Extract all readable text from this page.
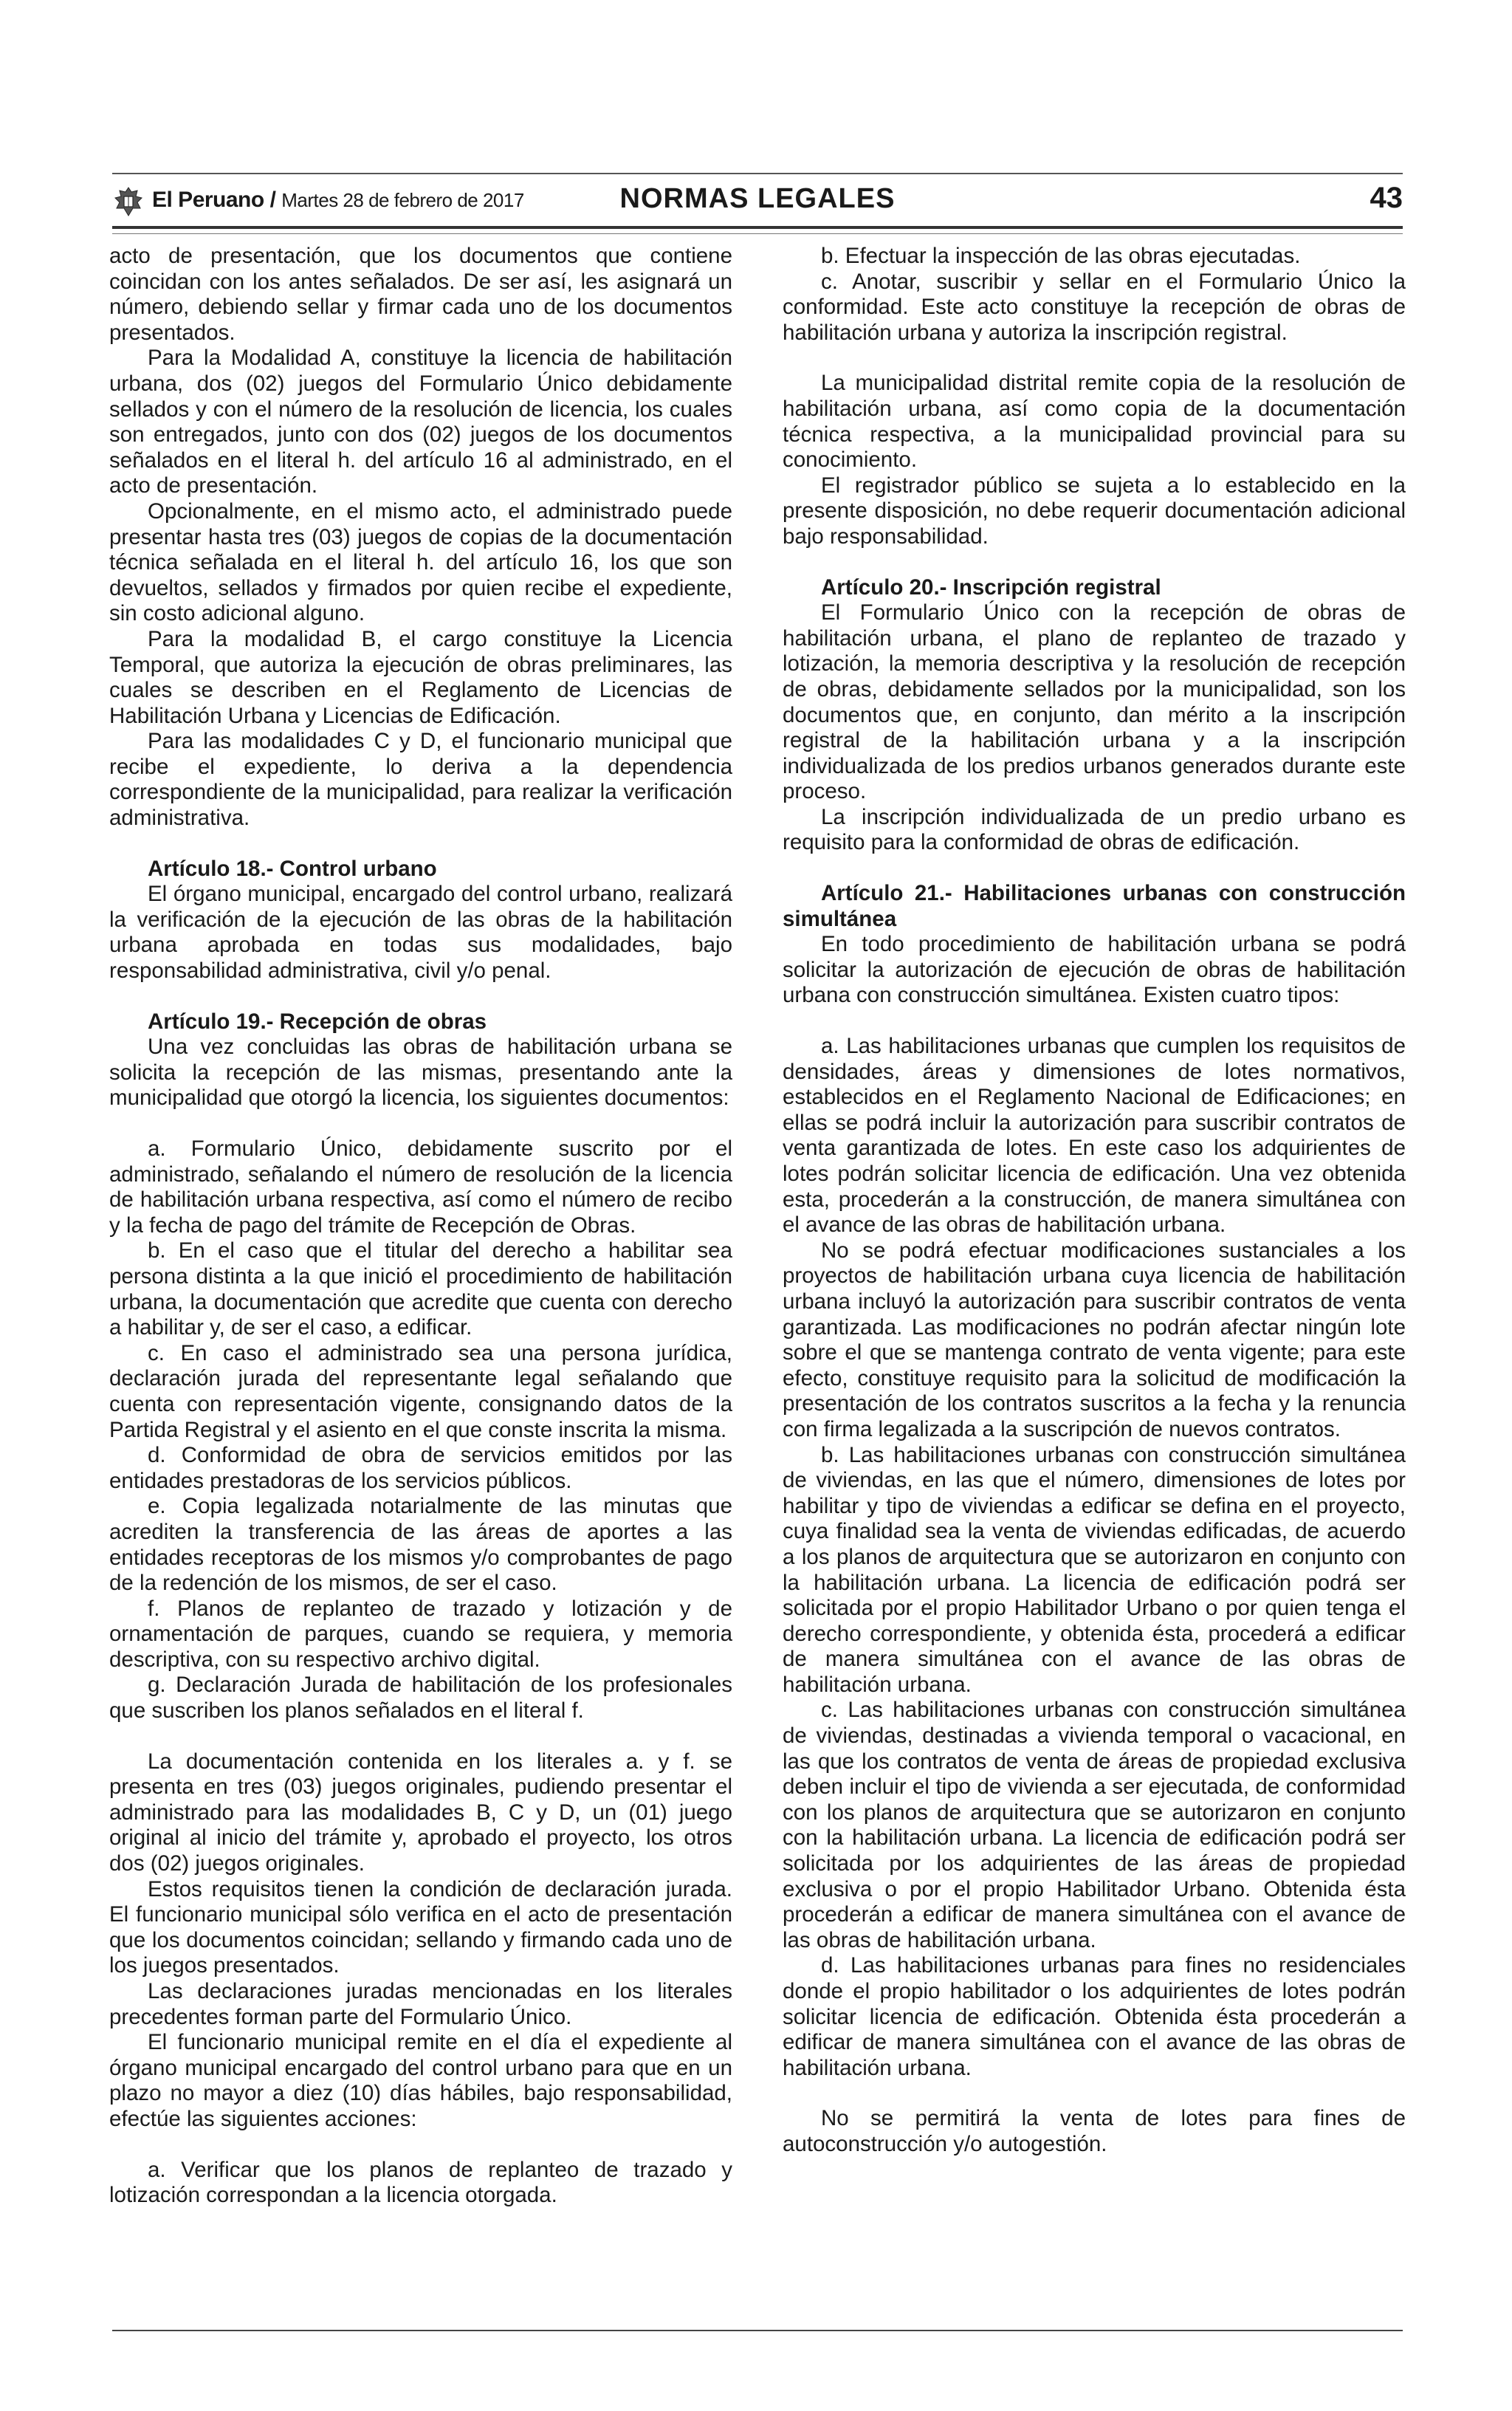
El Peruano / Martes 28 de febrero de 2017	NORMAS LEGALES	43

acto de presentación, que los documentos que contiene coincidan con los antes señalados. De ser así, les asignará un número, debiendo sellar y firmar cada uno de los documentos presentados.

Para la Modalidad A, constituye la licencia de habilitación urbana, dos (02) juegos del Formulario Único debidamente sellados y con el número de la resolución de licencia, los cuales son entregados, junto con dos (02) juegos de los documentos señalados en el literal h. del artículo 16 al administrado, en el acto de presentación.

Opcionalmente, en el mismo acto, el administrado puede presentar hasta tres (03) juegos de copias de la documentación técnica señalada en el literal h. del artículo 16, los que son devueltos, sellados y firmados por quien recibe el expediente, sin costo adicional alguno.

Para la modalidad B, el cargo constituye la Licencia Temporal, que autoriza la ejecución de obras preliminares, las cuales se describen en el Reglamento de Licencias de Habilitación Urbana y Licencias de Edificación.

Para las modalidades C y D, el funcionario municipal que recibe el expediente, lo deriva a la dependencia correspondiente de la municipalidad, para realizar la verificación administrativa.

Artículo 18.- Control urbano

El órgano municipal, encargado del control urbano, realizará la verificación de la ejecución de las obras de la habilitación urbana aprobada en todas sus modalidades, bajo responsabilidad administrativa, civil y/o penal.

Artículo 19.- Recepción de obras

Una vez concluidas las obras de habilitación urbana se solicita la recepción de las mismas, presentando ante la municipalidad que otorgó la licencia, los siguientes documentos:

a. Formulario Único, debidamente suscrito por el administrado, señalando el número de resolución de la licencia de habilitación urbana respectiva, así como el número de recibo y la fecha de pago del trámite de Recepción de Obras.

b. En el caso que el titular del derecho a habilitar sea persona distinta a la que inició el procedimiento de habilitación urbana, la documentación que acredite que cuenta con derecho a habilitar y, de ser el caso, a edificar.

c. En caso el administrado sea una persona jurídica, declaración jurada del representante legal señalando que cuenta con representación vigente, consignando datos de la Partida Registral y el asiento en el que conste inscrita la misma.

d. Conformidad de obra de servicios emitidos por las entidades prestadoras de los servicios públicos.

e. Copia legalizada notarialmente de las minutas que acrediten la transferencia de las áreas de aportes a las entidades receptoras de los mismos y/o comprobantes de pago de la redención de los mismos, de ser el caso.

f. Planos de replanteo de trazado y lotización y de ornamentación de parques, cuando se requiera, y memoria descriptiva, con su respectivo archivo digital.

g. Declaración Jurada de habilitación de los profesionales que suscriben los planos señalados en el literal f.

La documentación contenida en los literales a. y f. se presenta en tres (03) juegos originales, pudiendo presentar el administrado para las modalidades B, C y D, un (01) juego original al inicio del trámite y, aprobado el proyecto, los otros dos (02) juegos originales.

Estos requisitos tienen la condición de declaración jurada. El funcionario municipal sólo verifica en el acto de presentación que los documentos coincidan; sellando y firmando cada uno de los juegos presentados.

Las declaraciones juradas mencionadas en los literales precedentes forman parte del Formulario Único.

El funcionario municipal remite en el día el expediente al órgano municipal encargado del control urbano para que en un plazo no mayor a diez (10) días hábiles, bajo responsabilidad, efectúe las siguientes acciones:

a. Verificar que los planos de replanteo de trazado y lotización correspondan a la licencia otorgada.

b. Efectuar la inspección de las obras ejecutadas.

c. Anotar, suscribir y sellar en el Formulario Único la conformidad. Este acto constituye la recepción de obras de habilitación urbana y autoriza la inscripción registral.

La municipalidad distrital remite copia de la resolución de habilitación urbana, así como copia de la documentación técnica respectiva, a la municipalidad provincial para su conocimiento.

El registrador público se sujeta a lo establecido en la presente disposición, no debe requerir documentación adicional bajo responsabilidad.

Artículo 20.- Inscripción registral

El Formulario Único con la recepción de obras de habilitación urbana, el plano de replanteo de trazado y lotización, la memoria descriptiva y la resolución de recepción de obras, debidamente sellados por la municipalidad, son los documentos que, en conjunto, dan mérito a la inscripción registral de la habilitación urbana y a la inscripción individualizada de los predios urbanos generados durante este proceso.

La inscripción individualizada de un predio urbano es requisito para la conformidad de obras de edificación.

Artículo 21.- Habilitaciones urbanas con construcción simultánea

En todo procedimiento de habilitación urbana se podrá solicitar la autorización de ejecución de obras de habilitación urbana con construcción simultánea. Existen cuatro tipos:

a. Las habilitaciones urbanas que cumplen los requisitos de densidades, áreas y dimensiones de lotes normativos, establecidos en el Reglamento Nacional de Edificaciones; en ellas se podrá incluir la autorización para suscribir contratos de venta garantizada de lotes. En este caso los adquirientes de lotes podrán solicitar licencia de edificación. Una vez obtenida esta, procederán a la construcción, de manera simultánea con el avance de las obras de habilitación urbana.

No se podrá efectuar modificaciones sustanciales a los proyectos de habilitación urbana cuya licencia de habilitación urbana incluyó la autorización para suscribir contratos de venta garantizada. Las modificaciones no podrán afectar ningún lote sobre el que se mantenga contrato de venta vigente; para este efecto, constituye requisito para la solicitud de modificación la presentación de los contratos suscritos a la fecha y la renuncia con firma legalizada a la suscripción de nuevos contratos.

b. Las habilitaciones urbanas con construcción simultánea de viviendas, en las que el número, dimensiones de lotes por habilitar y tipo de viviendas a edificar se defina en el proyecto, cuya finalidad sea la venta de viviendas edificadas, de acuerdo a los planos de arquitectura que se autorizaron en conjunto con la habilitación urbana. La licencia de edificación podrá ser solicitada por el propio Habilitador Urbano o por quien tenga el derecho correspondiente, y obtenida ésta, procederá a edificar de manera simultánea con el avance de las obras de habilitación urbana.

c. Las habilitaciones urbanas con construcción simultánea de viviendas, destinadas a vivienda temporal o vacacional, en las que los contratos de venta de áreas de propiedad exclusiva deben incluir el tipo de vivienda a ser ejecutada, de conformidad con los planos de arquitectura que se autorizaron en conjunto con la habilitación urbana. La licencia de edificación podrá ser solicitada por los adquirientes de las áreas de propiedad exclusiva o por el propio Habilitador Urbano. Obtenida ésta procederán a edificar de manera simultánea con el avance de las obras de habilitación urbana.

d. Las habilitaciones urbanas para fines no residenciales donde el propio habilitador o los adquirientes de lotes podrán solicitar licencia de edificación. Obtenida ésta procederán a edificar de manera simultánea con el avance de las obras de habilitación urbana.

No se permitirá la venta de lotes para fines de autoconstrucción y/o autogestión.
